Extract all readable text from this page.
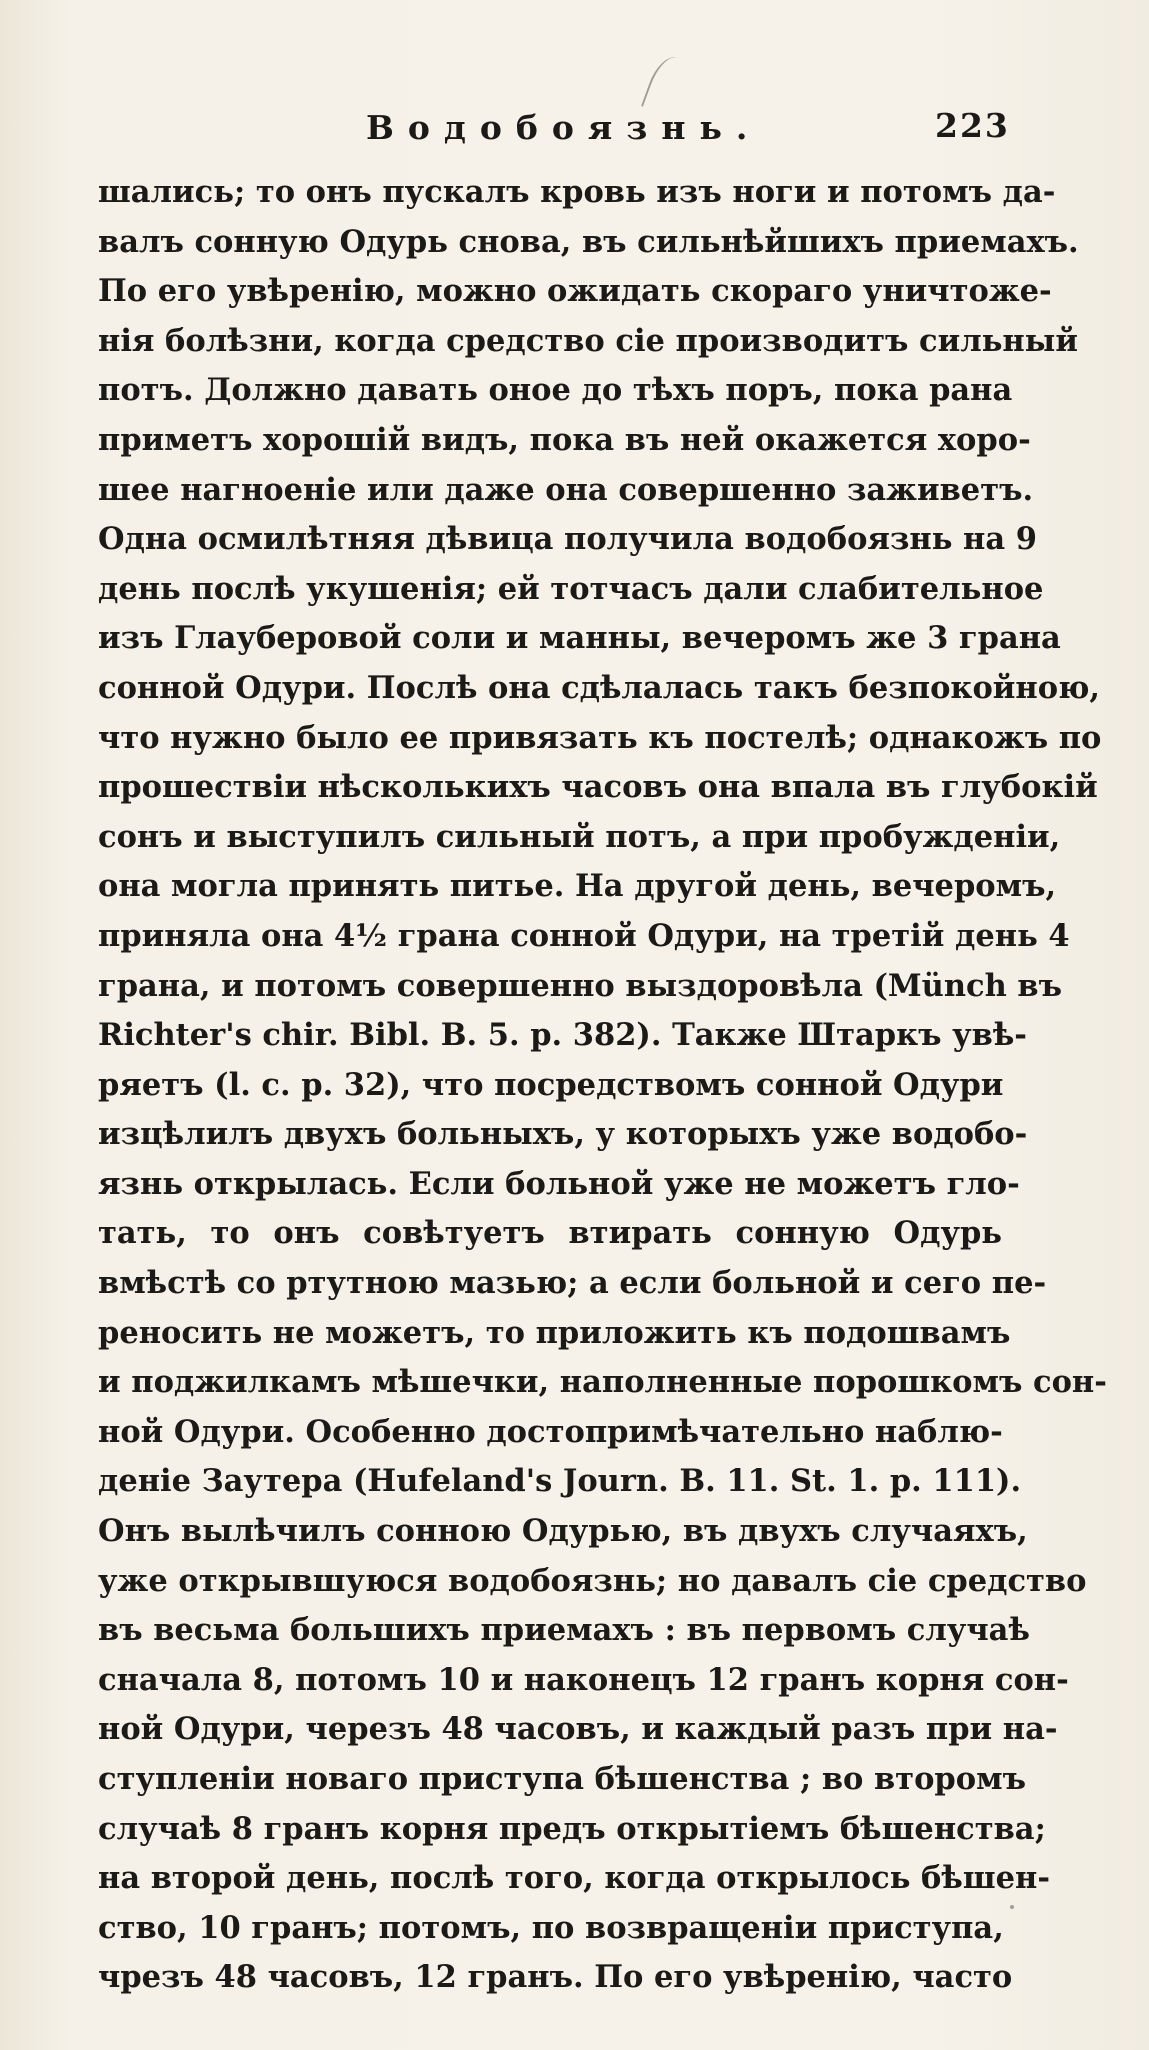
Водобоязнь.	223
шались; то онъ пускалъ кровь изъ ноги и потомъ да-
валъ сонную Одурь снова, въ сильнѣйшихъ приемахъ.
По его увѣренію, можно ожидать скораго уничтоже-
нія болѣзни, когда средство сіе производитъ сильный
потъ. Должно давать оное до тѣхъ поръ, пока рана
приметъ хорошій видъ, пока въ ней окажется хоро-
шее нагноеніе или даже она совершенно заживетъ.
Одна осмилѣтняя дѣвица получила водобоязнь на 9
день послѣ укушенія; ей тотчасъ дали слабительное
изъ Глауберовой соли и манны, вечеромъ же 3 грана
сонной Одури. Послѣ она сдѣлалась такъ безпокойною,
что нужно было ее привязать къ постелѣ; однакожъ по
прошествіи нѣсколькихъ часовъ она впала въ глубокій
сонъ и выступилъ сильный потъ, а при пробужденіи,
она могла принять питье. На другой день, вечеромъ,
приняла она 4½ грана сонной Одури, на третій день 4
грана, и потомъ совершенно выздоровѣла (Münch въ
Richter's chir. Bibl. B. 5. p. 382). Также Штаркъ увѣ-
ряетъ (l. c. p. 32), что посредствомъ сонной Одури
изцѣлилъ двухъ больныхъ, у которыхъ уже водобо-
язнь открылась. Если больной уже не можетъ гло-
тать, то онъ совѣтуетъ втирать сонную Одурь
вмѣстѣ со ртутною мазью; а если больной и сего пе-
реносить не можетъ, то приложить къ подошвамъ
и поджилкамъ мѣшечки, наполненные порошкомъ сон-
ной Одури. Особенно достопримѣчательно наблю-
деніе Заутера (Hufeland's Journ. B. 11. St. 1. p. 111).
Онъ вылѣчилъ сонною Одурью, въ двухъ случаяхъ,
уже открывшуюся водобоязнь; но давалъ сіе средство
въ весьма большихъ приемахъ : въ первомъ случаѣ
сначала 8, потомъ 10 и наконецъ 12 гранъ корня сон-
ной Одури, черезъ 48 часовъ, и каждый разъ при на-
ступленіи новаго приступа бѣшенства ; во второмъ
случаѣ 8 гранъ корня предъ открытіемъ бѣшенства;
на второй день, послѣ того, когда открылось бѣшен-
ство, 10 гранъ; потомъ, по возвращеніи приступа,
чрезъ 48 часовъ, 12 гранъ. По его увѣренію, часто
